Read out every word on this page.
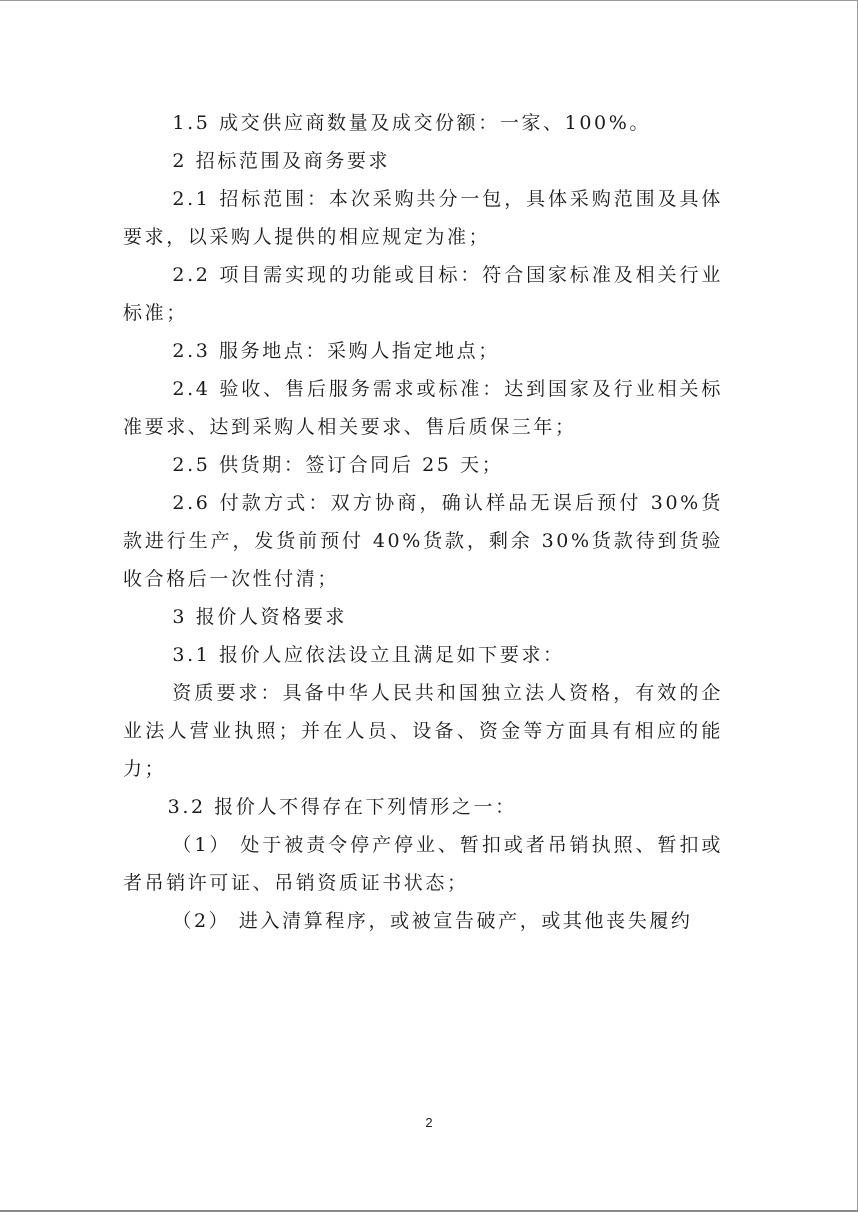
1.5 成交供应商数量及成交份额：一家、100%。

2 招标范围及商务要求

2.1 招标范围：本次采购共分一包，具体采购范围及具体要求，以采购人提供的相应规定为准；

2.2 项目需实现的功能或目标：符合国家标准及相关行业标准；

2.3 服务地点：采购人指定地点；

2.4 验收、售后服务需求或标准：达到国家及行业相关标准要求、达到采购人相关要求、售后质保三年；

2.5 供货期：签订合同后 25 天；

2.6 付款方式：双方协商，确认样品无误后预付 30%货款进行生产，发货前预付 40%货款，剩余 30%货款待到货验收合格后一次性付清；

3 报价人资格要求

3.1 报价人应依法设立且满足如下要求：

资质要求：具备中华人民共和国独立法人资格，有效的企业法人营业执照；并在人员、设备、资金等方面具有相应的能力；

3.2 报价人不得存在下列情形之一：

（1） 处于被责令停产停业、暂扣或者吊销执照、暂扣或者吊销许可证、吊销资质证书状态；

（2） 进入清算程序，或被宣告破产，或其他丧失履约

2
